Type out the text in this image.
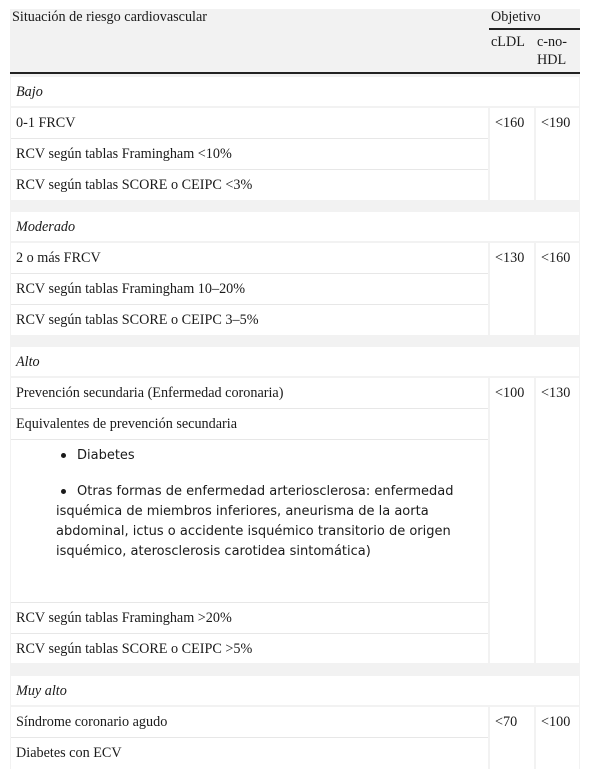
Situación de riesgo cardiovascular	Objetivo
cLDL c-no-
HDL
Bajo
0-1 FRCV
RCV según tablas Framingham <10%
RCV según tablas SCORE o CEIPC <3%
<160 <190
Moderado
2 o más FRCV
RCV según tablas Framingham 10–20%
RCV según tablas SCORE o CEIPC 3–5%
<130 <160
Alto
Prevención secundaria (Enfermedad coronaria)
Equivalentes de prevención secundaria
Diabetes
Otras formas de enfermedad arteriosclerosa: enfermedad isquémica de miembros inferiores, aneurisma de la aorta abdominal, ictus o accidente isquémico transitorio de origen isquémico, aterosclerosis carotidea sintomática)
RCV según tablas Framingham >20%
RCV según tablas SCORE o CEIPC >5%
<100 <130
Muy alto
Síndrome coronario agudo
Diabetes con ECV
<70 <100
